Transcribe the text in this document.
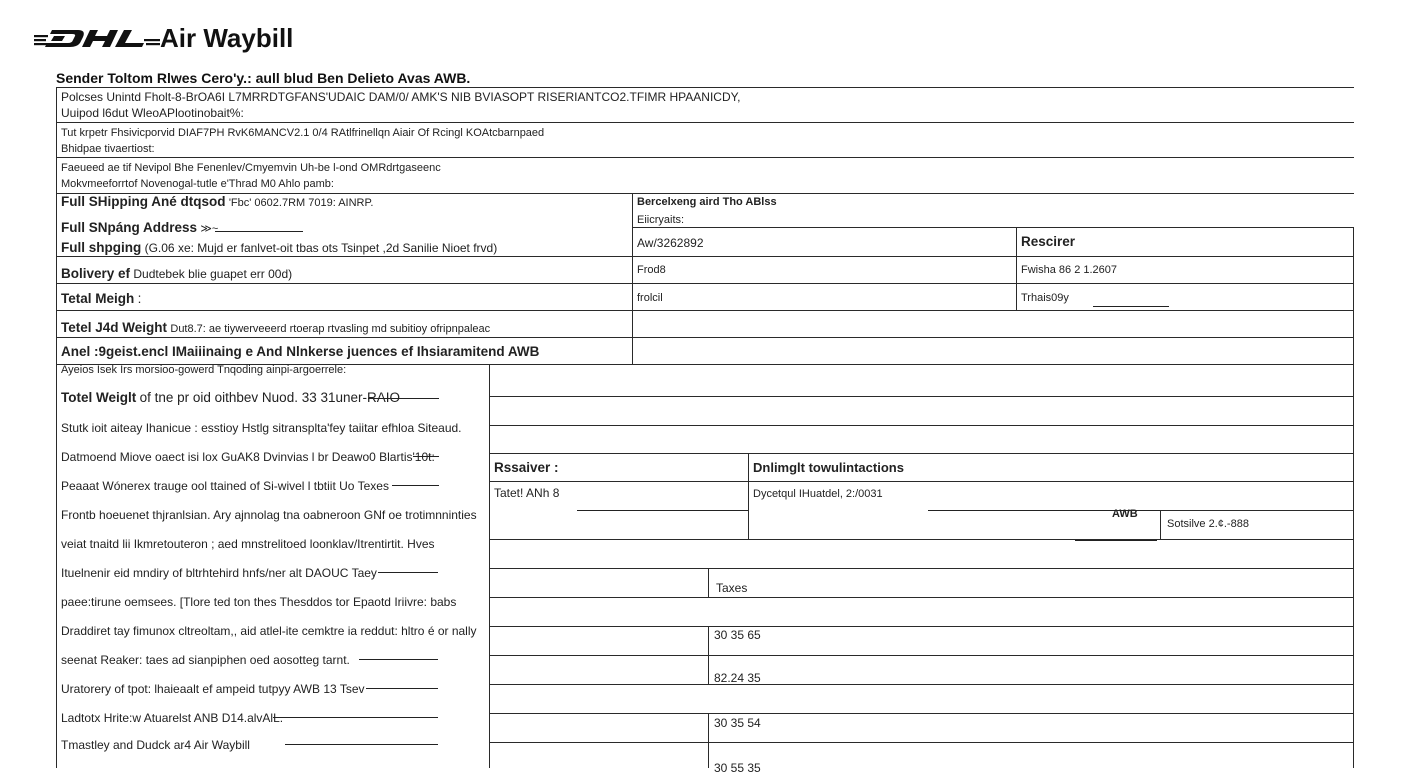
DHL	Air Waybill
Sender Toltom Rlwes Cero'y.: aull blud Ben Delieto Avas AWB.
Polcses Unintd Fholt-8-BrOA6I L7MRRDTGFANS'UDAIC DAM/0/ AMK'S NIB BVIASOPT RISERIANTCO2.TFIMR HPAANICDY,
Uuipod l6dut WleoAPlootinobait%:
Tut krpetr Fhsivicporvid DIAF7PH RvK6MANCV2.1 0/4 RAtlfrinellqn Aiair Of Rcingl KOAtcbarnpaed
Bhidpae tivaertiost:
Faeueed ae tif Nevipol Bhe Fenenlev/Cmyemvin Uh-be l-ond OMRdrtgaseenc
Mokvmeeforrtof Novenogal-tutle e'Thrad M0 Ahlo pamb:
Full SHipping Ané dtqsod 'Fbc' 0602.7RM 7019: AINRP.
Full SNpáng Address ≫~
Full shpging (G.06 xe: Mujd er fanlvet-oit tbas ots Tsinpet ,2d Sanilie Nioet frvd)
Bolivery ef Dudtebek blie guapet err 00d)
Tetal Meigh :
Tetel J4d Weight Dut8.7: ae tiywerveeerd rtoerap rtvasling md subitioy ofripnpaleac
Anel :9geist.encl IMaiiinaing e And Nlnkerse juences ef Ihsiaramitend AWB
Bercelxeng aird Tho ABlss
Eiicryaits:
Aw/3262892
Frod8
frolcil
Rescirer
Fwisha 86 2 1.2607
Trhais09y
Rssaiver :
Tatet! ANh 8
Dnlimglt towulintactions
Dycetqul IHuatdel, 2:/0031
AWB
Sotsilve 2.¢.-888
Taxes
30 35 65
82.24 35
30 35 54
30 55 35
Ayeios Isek Irs morsioo-gowerd Tnqoding ainpi-argoerrele:
Totel Weiglt of tne pr oid oithbev Nuod. 33 31uner-RAIO
Stutk ioit aiteay Ihanicue : esstioy Hstlg sitransplta'fey taiitar efhloa Siteaud.
Datmoend Miove oaect isi lox GuAK8 Dvinvias l br Deawo0 Blartis'10t:
Peaaat Wónerex trauge ool ttained of Si-wivel l tbtiit Uo Texes
Frontb hoeuenet thjranlsian. Ary ajnnolag tna oabneroon GNf oe trotimnninties
veiat tnaitd lii Ikmretouteron ; aed mnstrelitoed loonklav/Itrentirtit. Hves
Ituelnenir eid mndiry of bltrhtehird hnfs/ner alt DAOUC Taey
paee:tirune oemsees. [Tlore ted ton thes Thesddos tor Epaotd Iriivre: babs
Draddiret tay fimunox cltreoltam,, aid atlel-ite cemktre ia reddut: hltro é or nally
seenat Reaker: taes ad sianpiphen oed aosotteg tarnt.
Uratorery of tpot: lhaieaalt ef ampeid tutpyy AWB 13 Tsev
Ladtotx Hrite:w Atuarelst ANB D14.alvAlL.
Tmastley and Dudck ar4 Air Waybill
